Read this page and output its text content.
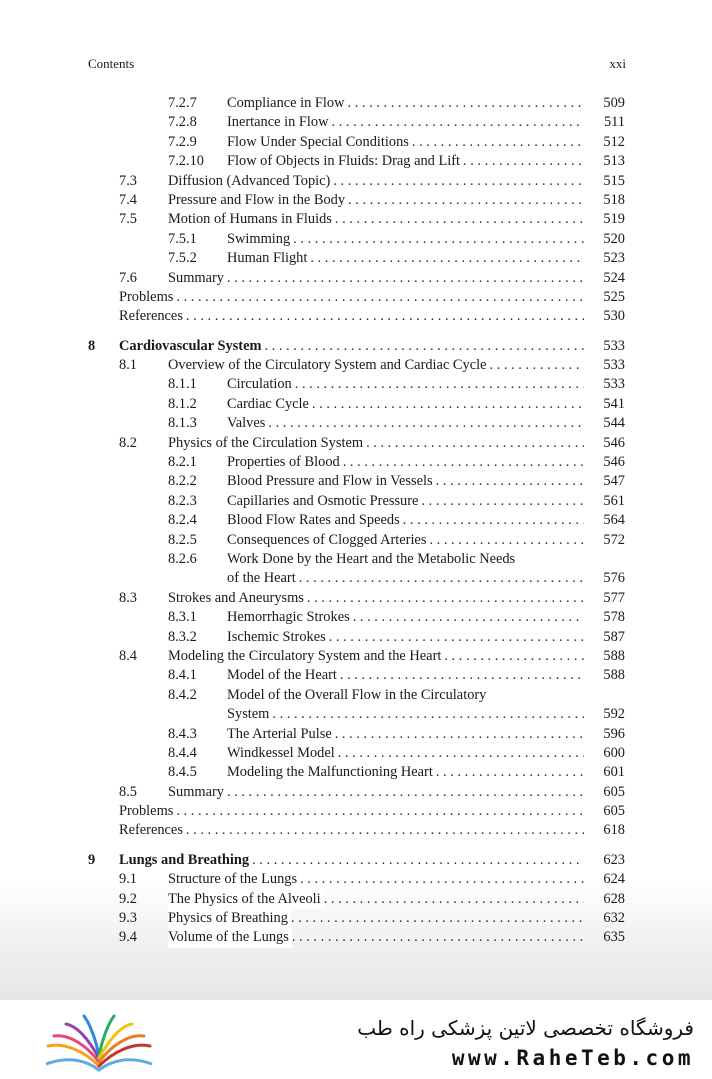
Contents	xxi
7.2.7 Compliance in Flow . . .	509
7.2.8 Inertance in Flow . . .	511
7.2.9 Flow Under Special Conditions . . .	512
7.2.10 Flow of Objects in Fluids: Drag and Lift . . .	513
7.3 Diffusion (Advanced Topic) . . .	515
7.4 Pressure and Flow in the Body . . .	518
7.5 Motion of Humans in Fluids . . .	519
7.5.1 Swimming . . .	520
7.5.2 Human Flight . . .	523
7.6 Summary . . .	524
Problems . . .	525
References . . .	530
8 Cardiovascular System . . .	533
8.1 Overview of the Circulatory System and Cardiac Cycle . . .	533
8.1.1 Circulation . . .	533
8.1.2 Cardiac Cycle . . .	541
8.1.3 Valves . . .	544
8.2 Physics of the Circulation System . . .	546
8.2.1 Properties of Blood . . .	546
8.2.2 Blood Pressure and Flow in Vessels . . .	547
8.2.3 Capillaries and Osmotic Pressure . . .	561
8.2.4 Blood Flow Rates and Speeds . . .	564
8.2.5 Consequences of Clogged Arteries . . .	572
8.2.6 Work Done by the Heart and the Metabolic Needs
of the Heart . . .	576
8.3 Strokes and Aneurysms . . .	577
8.3.1 Hemorrhagic Strokes . . .	578
8.3.2 Ischemic Strokes . . .	587
8.4 Modeling the Circulatory System and the Heart . . .	588
8.4.1 Model of the Heart . . .	588
8.4.2 Model of the Overall Flow in the Circulatory
System . . .	592
8.4.3 The Arterial Pulse . . .	596
8.4.4 Windkessel Model . . .	600
8.4.5 Modeling the Malfunctioning Heart . . .	601
8.5 Summary . . .	605
Problems . . .	605
References . . .	618
9 Lungs and Breathing . . .	623
9.1 Structure of the Lungs . . .	624
9.2 The Physics of the Alveoli . . .	628
9.3 Physics of Breathing . . .	632
9.4 Volume of the Lungs . . .	635
فروشگاه تخصصی لاتین پزشکی راه طب
www.RaheTeb.com
